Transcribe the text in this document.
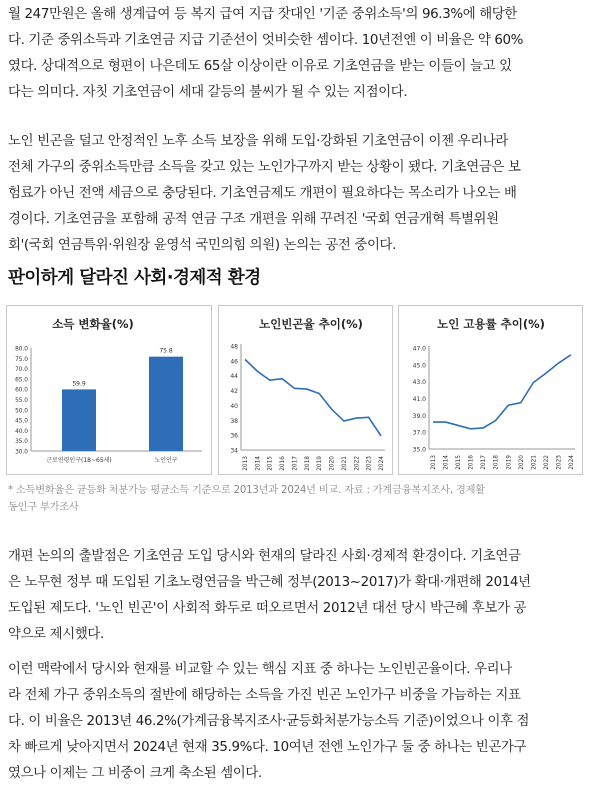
월 247만원은 올해 생계급여 등 복지 급여 지급 잣대인 '기준 중위소득'의 96.3%에 해당한
다. 기준 중위소득과 기초연금 지급 기준선이 엇비슷한 셈이다. 10년전엔 이 비율은 약 60%
였다. 상대적으로 형편이 나은데도 65살 이상이란 이유로 기초연금을 받는 이들이 늘고 있
다는 의미다. 자칫 기초연금이 세대 갈등의 불씨가 될 수 있는 지점이다.

노인 빈곤을 덜고 안정적인 노후 소득 보장을 위해 도입·강화된 기초연금이 이젠 우리나라
전체 가구의 중위소득만큼 소득을 갖고 있는 노인가구까지 받는 상황이 됐다. 기초연금은 보
험료가 아닌 전액 세금으로 충당된다. 기초연금제도 개편이 필요하다는 목소리가 나오는 배
경이다. 기초연금을 포함해 공적 연금 구조 개편을 위해 꾸려진 '국회 연금개혁 특별위원
회'(국회 연금특위·위원장 윤영석 국민의힘 의원) 논의는 공전 중이다.

판이하게 달라진 사회·경제적 환경
소득 변화율(%)
80.0
75.0
70.0
65.0
60.0
55.0
50.0
45.0
40.0
35.0
30.0
59.9
근로연령인구(18~65세)
75.8
노인인구
노인빈곤율 추이(%)
48
46
44
42
40
38
36
34
2013 2014 2015 2016 2017 2018 2019 2020 2021 2022 2023 2024
노인 고용률 추이(%)
47.0
45.0
43.0
41.0
39.0
37.0
35.0
2013 2014 2015 2016 2017 2018 2019 2020 2021 2022 2023 2024

* 소득변화율은 균등화 처분가능 평균소득 기준으로 2013년과 2024년 비교. 자료 : 가계금융복지조사, 경제활
동인구 부가조사

개편 논의의 출발점은 기초연금 도입 당시와 현재의 달라진 사회·경제적 환경이다. 기초연금
은 노무현 정부 때 도입된 기초노령연금을 박근혜 정부(2013~2017)가 확대·개편해 2014년
도입된 제도다. '노인 빈곤'이 사회적 화두로 떠오르면서 2012년 대선 당시 박근혜 후보가 공
약으로 제시했다.

이런 맥락에서 당시와 현재를 비교할 수 있는 핵심 지표 중 하나는 노인빈곤율이다. 우리나
라 전체 가구 중위소득의 절반에 해당하는 소득을 가진 빈곤 노인가구 비중을 가늠하는 지표
다. 이 비율은 2013년 46.2%(가계금융복지조사·균등화처분가능소득 기준)이었으나 이후 점
차 빠르게 낮아지면서 2024년 현재 35.9%다. 10여년 전엔 노인가구 둘 중 하나는 빈곤가구
였으나 이제는 그 비중이 크게 축소된 셈이다.
